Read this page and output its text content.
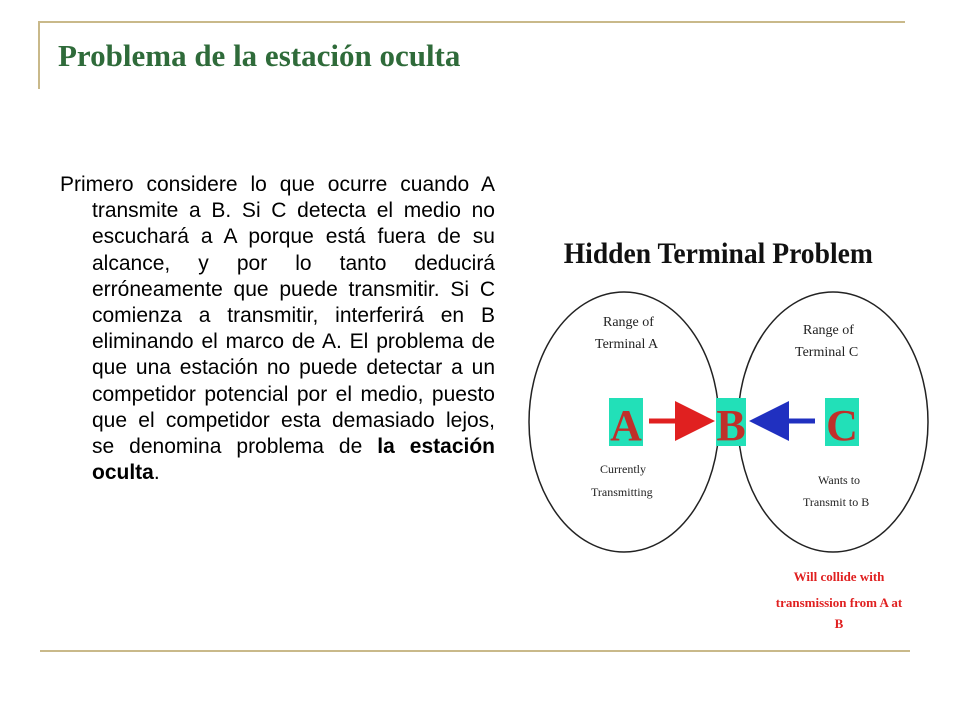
Problema de la estación oculta
Primero considere lo que ocurre cuando A transmite a B. Si C detecta el medio no escuchará a A porque está fuera de su alcance, y por lo tanto deducirá erróneamente que puede transmitir. Si C comienza a transmitir, interferirá en B eliminando el marco de A. El problema de que una estación no puede detectar a un competidor potencial por el medio, puesto que el competidor esta demasiado lejos, se denomina problema de la estación oculta.
Hidden Terminal Problem
Range of
Terminal A
Range of
Terminal C
A B C
Currently
Transmitting
Wants to
Transmit to B
Will collide with
transmission from A at
B
